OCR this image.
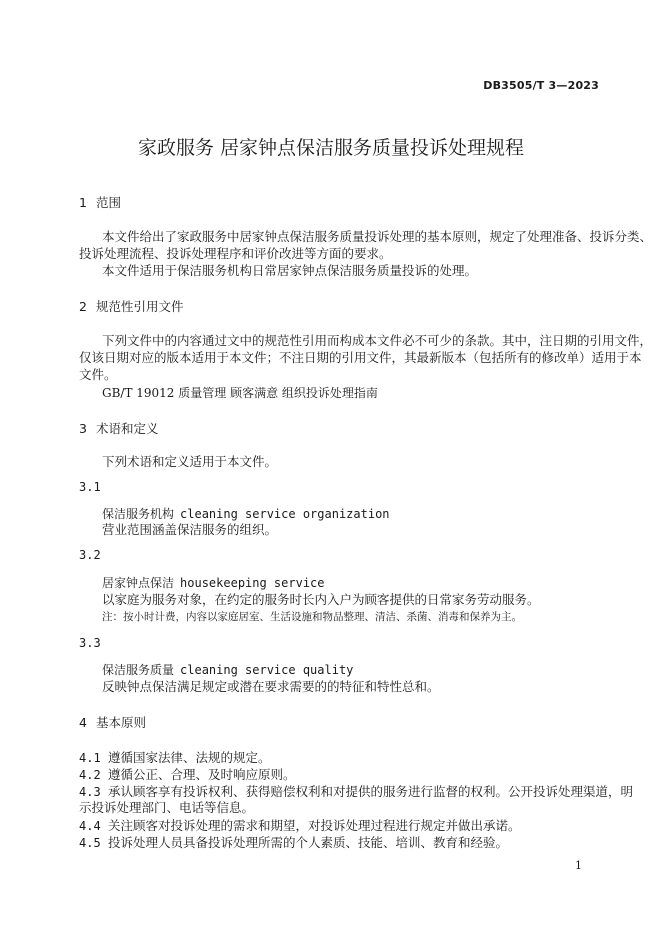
DB3505/T 3—2023
家政服务 居家钟点保洁服务质量投诉处理规程
1 范围
本文件给出了家政服务中居家钟点保洁服务质量投诉处理的基本原则，规定了处理准备、投诉分类、
投诉处理流程、投诉处理程序和评价改进等方面的要求。
本文件适用于保洁服务机构日常居家钟点保洁服务质量投诉的处理。
2 规范性引用文件
下列文件中的内容通过文中的规范性引用而构成本文件必不可少的条款。其中，注日期的引用文件，
仅该日期对应的版本适用于本文件；不注日期的引用文件，其最新版本（包括所有的修改单）适用于本
文件。
GB/T 19012 质量管理 顾客满意 组织投诉处理指南
3 术语和定义
下列术语和定义适用于本文件。
3.1
保洁服务机构 cleaning service organization
营业范围涵盖保洁服务的组织。
3.2
居家钟点保洁 housekeeping service
以家庭为服务对象，在约定的服务时长内入户为顾客提供的日常家务劳动服务。
注：按小时计费，内容以家庭居室、生活设施和物品整理、清洁、杀菌、消毒和保养为主。
3.3
保洁服务质量 cleaning service quality
反映钟点保洁满足规定或潜在要求需要的的特征和特性总和。
4 基本原则
4.1 遵循国家法律、法规的规定。
4.2 遵循公正、合理、及时响应原则。
4.3 承认顾客享有投诉权利、获得赔偿权利和对提供的服务进行监督的权利。公开投诉处理渠道，明
示投诉处理部门、电话等信息。
4.4 关注顾客对投诉处理的需求和期望，对投诉处理过程进行规定并做出承诺。
4.5 投诉处理人员具备投诉处理所需的个人素质、技能、培训、教育和经验。
1
